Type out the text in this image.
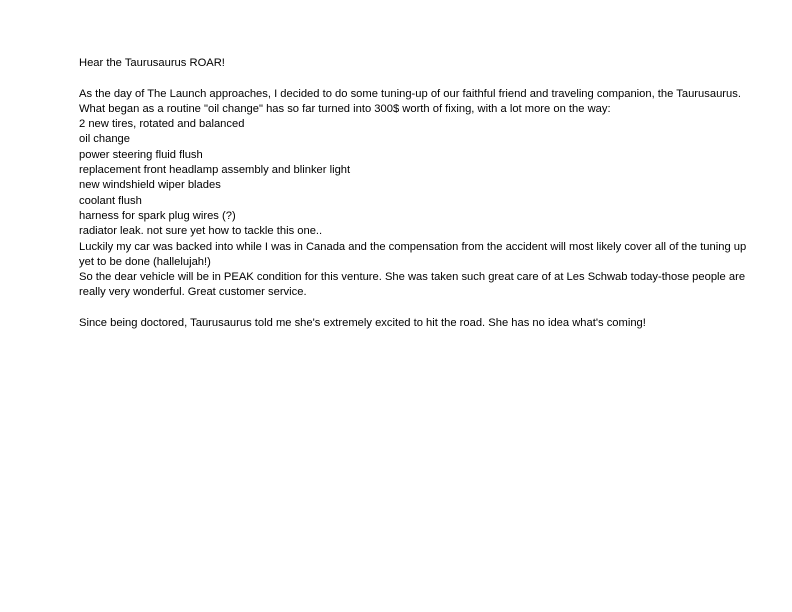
Hear the Taurusaurus ROAR!

As the day of The Launch approaches, I decided to do some tuning-up of our faithful friend and traveling companion, the Taurusaurus.

What began as a routine "oil change" has so far turned into 300$ worth of fixing, with a lot more on the way:

2 new tires, rotated and balanced

oil change

power steering fluid flush

replacement front headlamp assembly and blinker light

new windshield wiper blades

coolant flush

harness for spark plug wires (?)

radiator leak. not sure yet how to tackle this one..

Luckily my car was backed into while I was in Canada and the compensation from the accident will most likely cover all of the tuning up yet to be done (hallelujah!)

So the dear vehicle will be in PEAK condition for this venture. She was taken such great care of at Les Schwab today-those people are really very wonderful. Great customer service.

Since being doctored, Taurusaurus told me she's extremely excited to hit the road. She has no idea what's coming!
